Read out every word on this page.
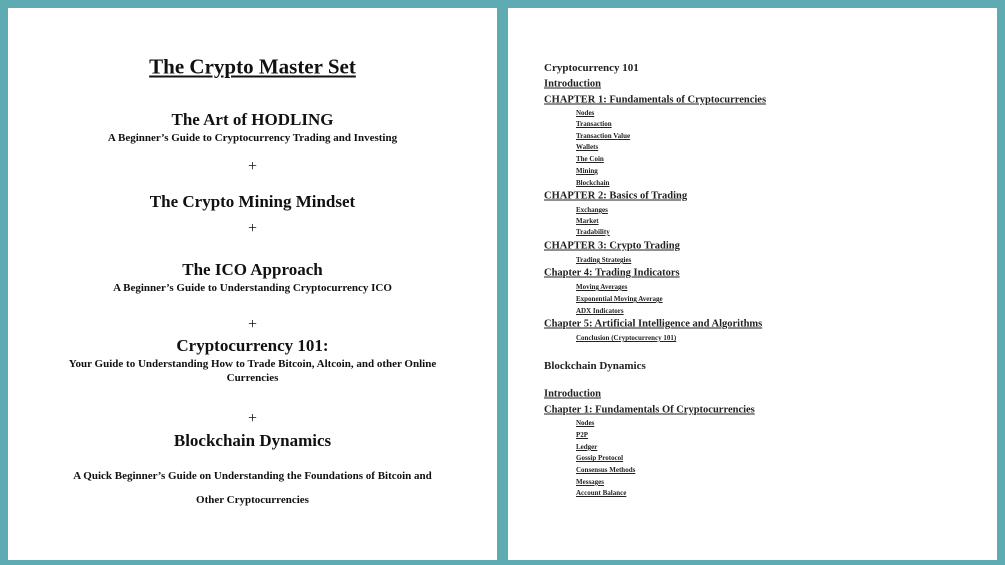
The Crypto Master Set
The Art of HODLING
A Beginner’s Guide to Cryptocurrency Trading and Investing
+
The Crypto Mining Mindset
+
The ICO Approach
A Beginner’s Guide to Understanding Cryptocurrency ICO
+
Cryptocurrency 101:
Your Guide to Understanding How to Trade Bitcoin, Altcoin, and other Online
Currencies
+
Blockchain Dynamics
A Quick Beginner’s Guide on Understanding the Foundations of Bitcoin and
Other Cryptocurrencies
Cryptocurrency 101
Introduction
CHAPTER 1: Fundamentals of Cryptocurrencies
Nodes
Transaction
Transaction Value
Wallets
The Coin
Mining
Blockchain
CHAPTER 2: Basics of Trading
Exchanges
Market
Tradability
CHAPTER 3: Crypto Trading
Trading Strategies
Chapter 4: Trading Indicators
Moving Averages
Exponential Moving Average
ADX Indicators
Chapter 5: Artificial Intelligence and Algorithms
Conclusion (Cryptocurrency 101)
Blockchain Dynamics
Introduction
Chapter 1: Fundamentals Of Cryptocurrencies
Nodes
P2P
Ledger
Gossip Protocol
Consensus Methods
Messages
Account Balance
